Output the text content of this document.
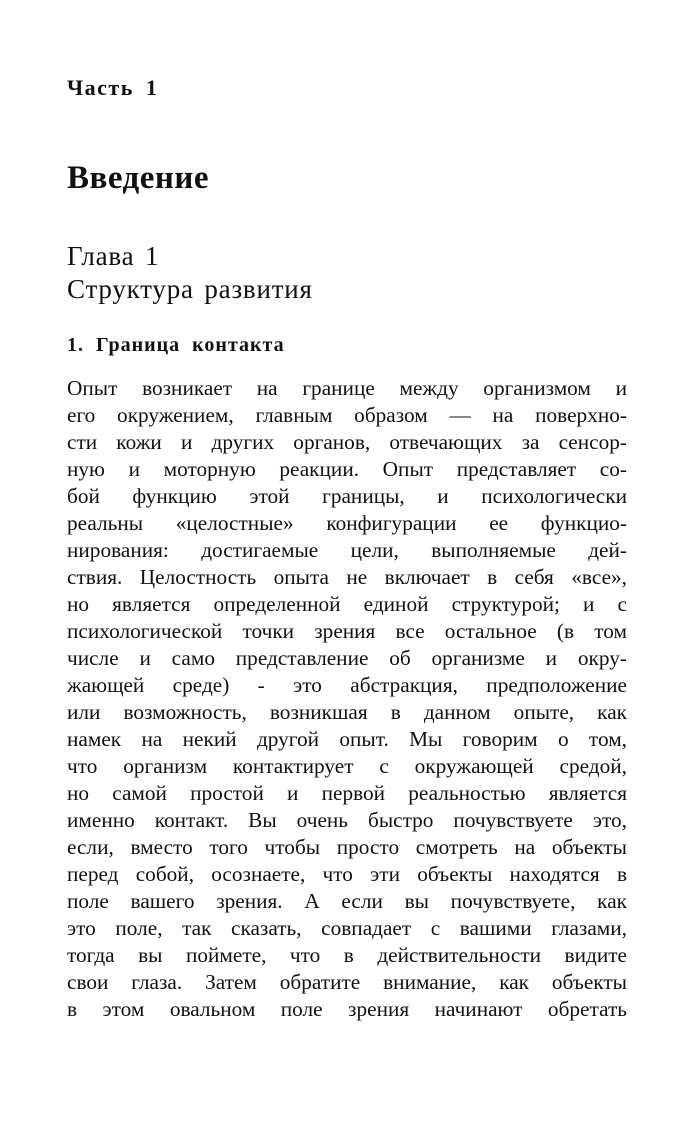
Часть 1
Введение
Глава 1
Структура развития
1. Граница контакта
Опыт возникает на границе между организмом и
его окружением, главным образом — на поверхно-
сти кожи и других органов, отвечающих за сенсор-
ную и моторную реакции. Опыт представляет со-
бой функцию этой границы, и психологически
реальны «целостные» конфигурации ее функцио-
нирования: достигаемые цели, выполняемые дей-
ствия. Целостность опыта не включает в себя «все»,
но является определенной единой структурой; и с
психологической точки зрения все остальное (в том
числе и само представление об организме и окру-
жающей среде) - это абстракция, предположение
или возможность, возникшая в данном опыте, как
намек на некий другой опыт. Мы говорим о том,
что организм контактирует с окружающей средой,
но самой простой и первой реальностью является
именно контакт. Вы очень быстро почувствуете это,
если, вместо того чтобы просто смотреть на объекты
перед собой, осознаете, что эти объекты находятся в
поле вашего зрения. А если вы почувствуете, как
это поле, так сказать, совпадает с вашими глазами,
тогда вы поймете, что в действительности видите
свои глаза. Затем обратите внимание, как объекты
в этом овальном поле зрения начинают обретать
